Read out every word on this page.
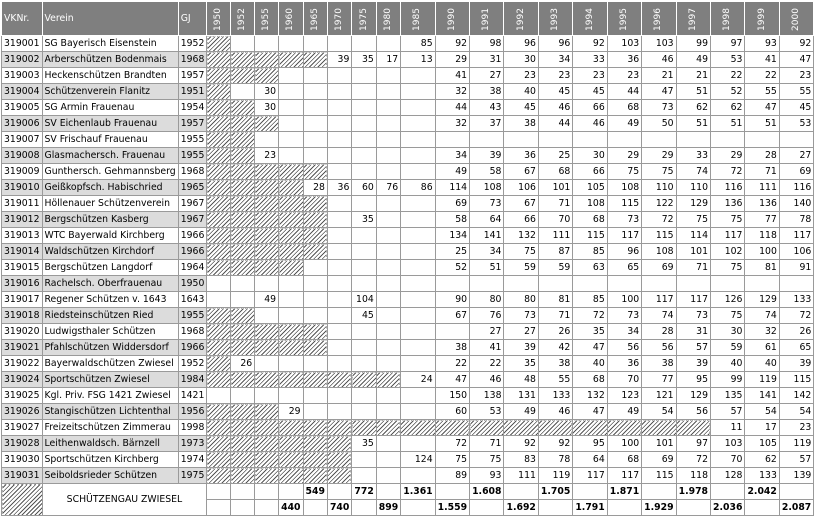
VKNr.	Verein	GJ	1950	1952	1955	1960	1965	1970	1975	1980	1985	1990	1991	1992	1993	1994	1995	1996	1997	1998	1999	2000
319001	SG Bayerisch Eisenstein	1952									85	92	98	96	96	92	103	103	99	97	93	92
319002	Arberschützen Bodenmais	1968						39	35	17	13	29	31	30	34	33	36	46	49	53	41	47
319003	Heckenschützen Brandten	1957										41	27	23	23	23	23	21	21	22	22	23
319004	Schützenverein Flanitz	1951			30							32	38	40	45	45	44	47	51	52	55	55
319005	SG Armin Frauenau	1954			30							44	43	45	46	66	68	73	62	62	47	45
319006	SV Eichenlaub Frauenau	1957										32	37	38	44	46	49	50	51	51	51	53
319007	SV Frischauf Frauenau	1955																				
319008	Glasmachersch. Frauenau	1955			23							34	39	36	25	30	29	29	33	29	28	27
319009	Gunthersch. Gehmannsberg	1968										49	58	67	68	66	75	75	74	72	71	69
319010	Geißkopfsch. Habischried	1965					28	36	60	76	86	114	108	106	101	105	108	110	110	116	111	116
319011	Höllenauer Schützenverein	1967										69	73	67	71	108	115	122	129	136	136	140
319012	Bergschützen Kasberg	1967							35			58	64	66	70	68	73	72	75	75	77	78
319013	WTC Bayerwald Kirchberg	1966										134	141	132	111	115	117	115	114	117	118	117
319014	Waldschützen Kirchdorf	1966										25	34	75	87	85	96	108	101	102	100	106
319015	Bergschützen Langdorf	1964										52	51	59	59	63	65	69	71	75	81	91
319016	Rachelsch. Oberfrauenau	1950																				
319017	Regener Schützen v. 1643	1643			49				104			90	80	80	81	85	100	117	117	126	129	133
319018	Riedsteinschützen Ried	1955							45			67	76	73	71	72	73	74	73	75	74	72
319020	Ludwigsthaler Schützen	1968											27	27	26	35	34	28	31	30	32	26
319021	Pfahlschützen Widdersdorf	1966										38	41	39	42	47	56	56	57	59	61	65
319022	Bayerwaldschützen Zwiesel	1952		26								22	22	35	38	40	36	38	39	40	40	39
319024	Sportschützen Zwiesel	1984									24	47	46	48	55	68	70	77	95	99	119	115
319025	Kgl. Priv. FSG 1421 Zwiesel	1421										150	138	131	133	132	123	121	129	135	141	142
319026	Stangischützen Lichtenthal	1956				29						60	53	49	46	47	49	54	56	57	54	54
319027	Freizeitschützen Zimmerau	1998																		11	17	23
319028	Leithenwaldsch. Bärnzell	1973							35			72	71	92	92	95	100	101	97	103	105	119
319030	Sportschützen Kirchberg	1974									124	75	75	83	78	64	68	69	72	70	62	57
319031	Seiboldsrieder Schützen	1975										89	93	111	119	117	117	115	118	128	133	139
	SCHÜTZENGAU ZWIESEL						549		772		1.361		1.608		1.705		1.871		1.978		2.042	
						440		740		899		1.559		1.692		1.791		1.929		2.036		2.087
